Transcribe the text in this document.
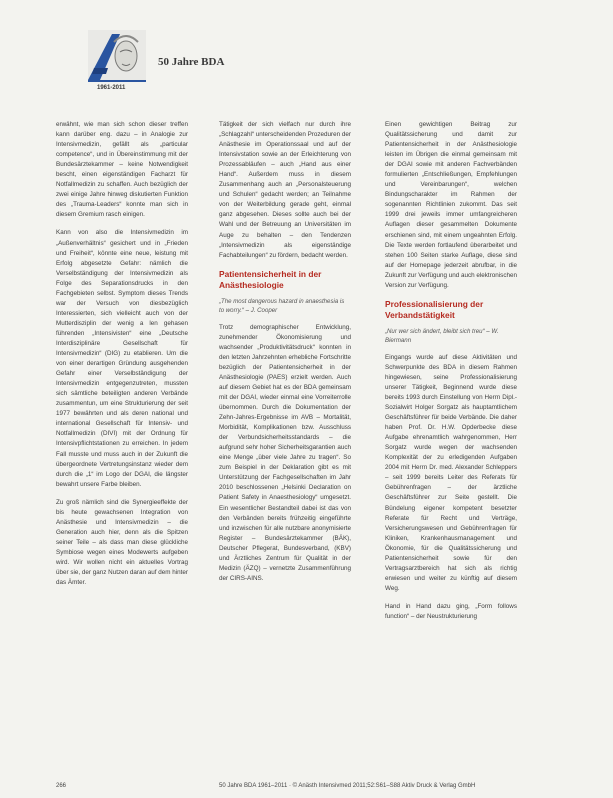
1961-2011
50 Jahre BDA

erwähnt, wie man sich schon dieser treffen kann darüber eng. dazu – in Analogie zur Intensivmedizin, gefällt als „particular competence“, und in Übereinstimmung mit der Bundesärztekammer – keine Notwendigkeit bescht, einen eigenständigen Facharzt für Notfallmedizin zu schaffen. Auch bezüglich der zwei einige Jahre hinweg diskutierten Funktion des „Trauma-Leaders“ konnte man sich in diesem Gremium rasch einigen.

Kann von also die Intensivmedizin im „Außenverhältnis“ gesichert und in „Frieden und Freiheit“, könnte eine neue, leistung mit Erfolg abgesetzte Gefahr: nämlich die Verselbständigung der Intensivmedizin als Folge des Separationsdrucks in den Fachgebieten selbst. Symptom dieses Trends war der Versuch von diesbezüglich Interessierten, sich vielleicht auch von der Mutterdisziplin der wenig a len gehasen führenden „Intensivisten“ eine „Deutsche Interdisziplinäre Gesellschaft für Intensivmedizin“ (DIG) zu etablieren. Um die von einer derartigen Gründung ausgehenden Gefahr einer Verselbständigung der Intensivmedizin entgegenzutreten, mussten sich sämtliche beteiligten anderen Verbände zusammentun, um eine Strukturierung der seit 1977 bewährten und als deren national und international Gesellschaft für Intensiv- und Notfallmedizin (DIVI) mit der Ordnung für Intensivpflichtstationen zu erreichen. In jedem Fall musste und muss auch in der Zukunft die übergeordnete Vertretungsinstanz wieder dem durch die „1“ im Logo der DGAI, die längster bewahrt unsere Farbe bleiben.

Zu groß nämlich sind die Synergieeffekte der bis heute gewachsenen Integration von Anästhesie und Intensivmedizin – die Generation auch hier, denn als die Spitzen seiner Teile – als dass man diese glückliche Symbiose wegen eines Modewerts aufgeben wird. Wir wollen nicht ein aktuelles Vortrag über sie, der ganz Nutzen daran auf dem hinter das Ämter.

Tätigkeit der sich vielfach nur durch ihre „Schlagzahl“ unterscheidenden Prozeduren der Anästhesie im Operationssaal und auf der Intensivstation sowie an der Erleichterung von Prozessabläufen – auch „Hand aus einer Hand“. Außerdem muss in diesem Zusammenhang auch an „Personalsteuerung und Schulen“ gedacht werden; an Teilnahme von der Weiterbildung gerade geht, einmal ganz abgesehen. Dieses sollte auch bei der Wahl und der Betreuung an Universitäten im Auge zu behalten – den Tendenzen „Intensivmedizin als eigenständige Fachabteilungen“ zu fördern, bedacht werden.

Patientensicherheit in der Anästhesiologie
„The most dangerous hazard in anaesthesia is to worry.“ – J. Cooper

Trotz demographischer Entwicklung, zunehmender Ökonomisierung und wachsender „Produktivitätsdruck“ konnten in den letzten Jahrzehnten erhebliche Fortschritte bezüglich der Patientensicherheit in der Anästhesiologie (PAES) erzielt werden. Auch auf diesem Gebiet hat es der BDA gemeinsam mit der DGAI, wieder einmal eine Vorreiterrolle übernommen. Durch die Dokumentation der Zehn-Jahres-Ergebnisse im AVB – Mortalität, Morbidität, Komplikationen bzw. Ausschluss der Verbundsicherheitsstandards – die aufgrund sehr hoher Sicherheitsgarantien auch eine Menge „über viele Jahre zu tragen“. So zum Beispiel in der Deklaration gibt es mit Unterstützung der Fachgesellschaften im Jahr 2010 beschlossenen „Helsinki Declaration on Patient Safety in Anaesthesiology“ umgesetzt. Ein wesentlicher Bestandteil dabei ist das von den Verbänden bereits frühzeitig eingeführte und inzwischen für alle nutzbare anonymisierte Register – Bundesärztekammer (BÄK), Deutscher Pflegerat, Bundesverband, (KBV) und Ärztliches Zentrum für Qualität in der Medizin (ÄZQ) – vernetzte Zusammenführung der CIRS-AINS.

Einen gewichtigen Beitrag zur Qualitätssicherung und damit zur Patientensicherheit in der Anästhesiologie leisten im Übrigen die einmal gemeinsam mit der DGAI sowie mit anderen Fachverbänden formulierten „Entschließungen, Empfehlungen und Vereinbarungen“, welchen Bindungscharakter im Rahmen der sogenannten Richtlinien zukommt. Das seit 1999 drei jeweils immer umfangreicheren Auflagen dieser gesammelten Dokumente erschienen sind, mit einem ungeahnten Erfolg. Die Texte werden fortlaufend überarbeitet und stehen 100 Seiten starke Auflage, diese sind auf der Homepage jederzeit abrufbar, in die Zukunft zur Verfügung und auch elektronischen Version zur Verfügung.

Professionalisierung der Verbandstätigkeit
„Nur wer sich ändert, bleibt sich treu“ – W. Biermann

Eingangs wurde auf diese Aktivitäten und Schwerpunkte des BDA in diesem Rahmen hingewiesen, seine Professionalisierung unserer Tätigkeit, Beginnend wurde diese bereits 1993 durch Einstellung von Herrn Dipl.-Sozialwirt Holger Sorgatz als hauptamtlichem Geschäftsführer für beide Verbände. Die daher haben Prof. Dr. H.W. Opderbecke diese Aufgabe ehrenamtlich wahrgenommen, Herr Sorgatz wurde wegen der wachsenden Komplexität der zu erledigenden Aufgaben 2004 mit Herrn Dr. med. Alexander Schleppers – seit 1999 bereits Leiter des Referats für Gebührenfragen – der ärztliche Geschäftsführer zur Seite gestellt. Die Bündelung eigener kompetent besetzter Referate für Recht und Verträge, Versicherungswesen und Gebührenfragen für Kliniken, Krankenhausmanagement und Ökonomie, für die Qualitätssicherung und Patientensicherheit sowie für den Vertragsarztbereich hat sich als richtig erwiesen und weiter zu künftig auf diesem Weg.

Hand in Hand dazu ging, „Form follows function“ – der Neustrukturierung

266	50 Jahre BDA 1961–2011 · © Anästh Intensivmed 2011;52:S61–S88 Aktiv Druck & Verlag GmbH
